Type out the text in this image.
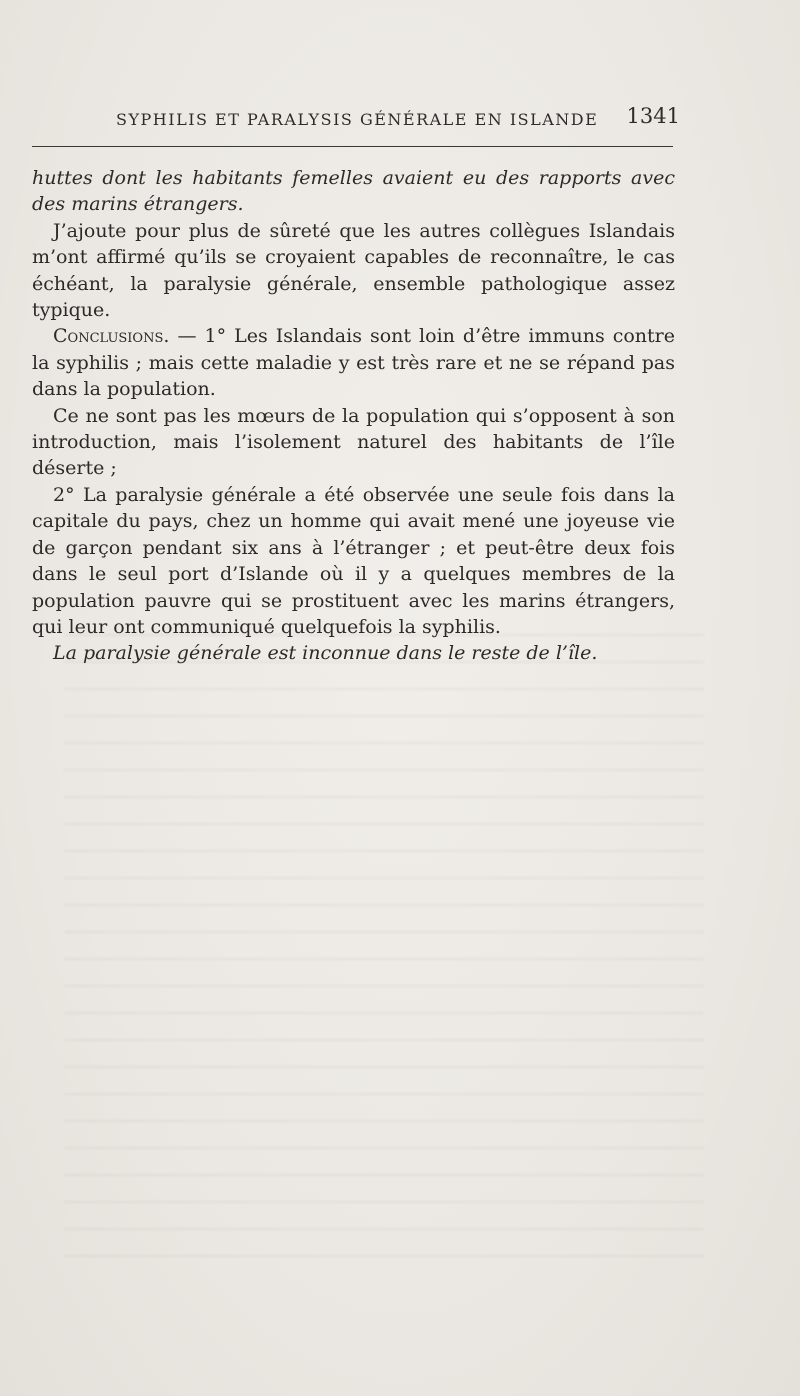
SYPHILIS ET PARALYSIS GÉNÉRALE EN ISLANDE 1341

huttes dont les habitants femelles avaient eu des rapports avec des marins étrangers.

J’ajoute pour plus de sûreté que les autres collègues Islandais m’ont affirmé qu’ils se croyaient capables de reconnaître, le cas échéant, la paralysie générale, ensemble pathologique assez typique.

Conclusions. — 1° Les Islandais sont loin d’être immuns contre la syphilis ; mais cette maladie y est très rare et ne se répand pas dans la population.

Ce ne sont pas les mœurs de la population qui s’opposent à son introduction, mais l’isolement naturel des habitants de l’île déserte ;

2° La paralysie générale a été observée une seule fois dans la capitale du pays, chez un homme qui avait mené une joyeuse vie de garçon pendant six ans à l’étranger ; et peut-être deux fois dans le seul port d’Islande où il y a quelques membres de la population pauvre qui se prostituent avec les marins étrangers, qui leur ont communiqué quelquefois la syphilis.

La paralysie générale est inconnue dans le reste de l’île.
